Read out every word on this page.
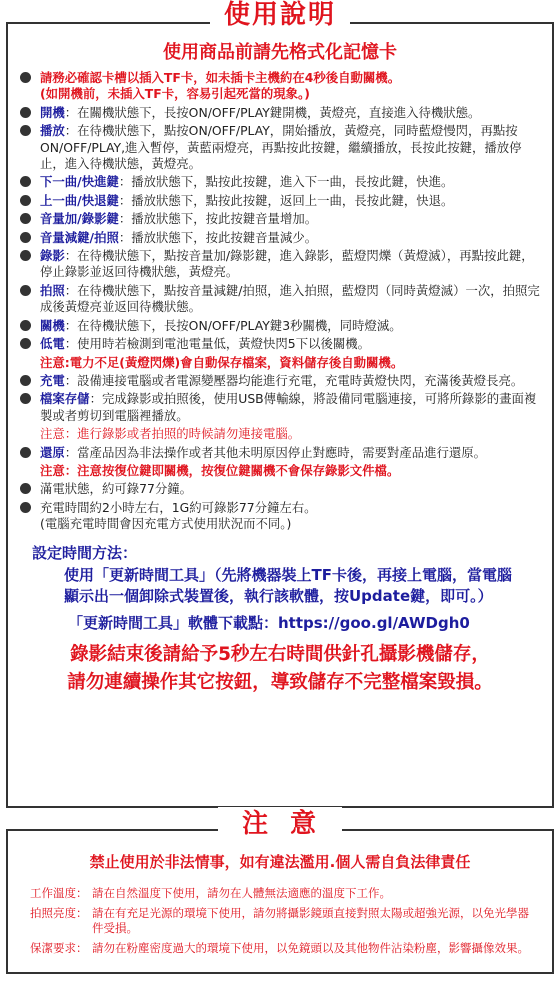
使用說明
使用商品前請先格式化記憶卡
請務必確認卡槽以插入TF卡，如未插卡主機約在4秒後自動關機。
(如開機前，未插入TF卡，容易引起死當的現象。)
開機：在關機狀態下，長按ON/OFF/PLAY鍵開機，黃燈亮，直接進入待機狀態。
播放：在待機狀態下，點按ON/OFF/PLAY，開始播放，黃燈亮，同時藍燈慢閃，再點按ON/OFF/PLAY,進入暫停，黃藍兩燈亮，再點按此按鍵，繼續播放，長按此按鍵，播放停止，進入待機狀態，黃燈亮。
下一曲/快進鍵：播放狀態下，點按此按鍵，進入下一曲，長按此鍵，快進。
上一曲/快退鍵：播放狀態下，點按此按鍵，返回上一曲，長按此鍵，快退。
音量加/錄影鍵：播放狀態下，按此按鍵音量增加。
音量減鍵/拍照：播放狀態下，按此按鍵音量減少。
錄影：在待機狀態下，點按音量加/錄影鍵，進入錄影，藍燈閃爍（黃燈滅），再點按此鍵，停止錄影並返回待機狀態，黃燈亮。
拍照：在待機狀態下，點按音量減鍵/拍照，進入拍照，藍燈閃（同時黃燈滅）一次，拍照完成後黃燈亮並返回待機狀態。
關機：在待機狀態下，長按ON/OFF/PLAY鍵3秒關機，同時燈滅。
低電：使用時若檢測到電池電量低，黃燈快閃5下以後關機。
注意:電力不足(黃燈閃爍)會自動保存檔案，資料儲存後自動關機。
充電：設備連接電腦或者電源變壓器均能進行充電，充電時黃燈快閃，充滿後黃燈長亮。
檔案存儲：完成錄影或拍照後，使用USB傳輸線，將設備同電腦連接，可將所錄影的畫面複製或者剪切到電腦裡播放。
注意：進行錄影或者拍照的時候請勿連接電腦。
還原：當產品因為非法操作或者其他未明原因停止對應時，需要對產品進行還原。
注意：注意按復位鍵即關機，按復位鍵關機不會保存錄影文件檔。
滿電狀態，約可錄77分鐘。
充電時間約2小時左右，1G約可錄影77分鐘左右。
(電腦充電時間會因充電方式使用狀況而不同。)
設定時間方法：
使用「更新時間工具」（先將機器裝上TF卡後，再接上電腦，當電腦顯示出一個卸除式裝置後，執行該軟體，按Update鍵，即可。）
「更新時間工具」軟體下載點：https://goo.gl/AWDgh0
錄影結束後請給予5秒左右時間供針孔攝影機儲存，
請勿連續操作其它按鈕，導致儲存不完整檔案毀損。
注意
禁止使用於非法情事，如有違法濫用.個人需自負法律責任
工作溫度： 請在自然溫度下使用，請勿在人體無法適應的溫度下工作。
拍照亮度： 請在有充足光源的環境下使用，請勿將攝影鏡頭直接對照太陽或超強光源，以免光學器件受損。
保潔要求： 請勿在粉塵密度過大的環境下使用，以免鏡頭以及其他物件沾染粉塵，影響攝像效果。
